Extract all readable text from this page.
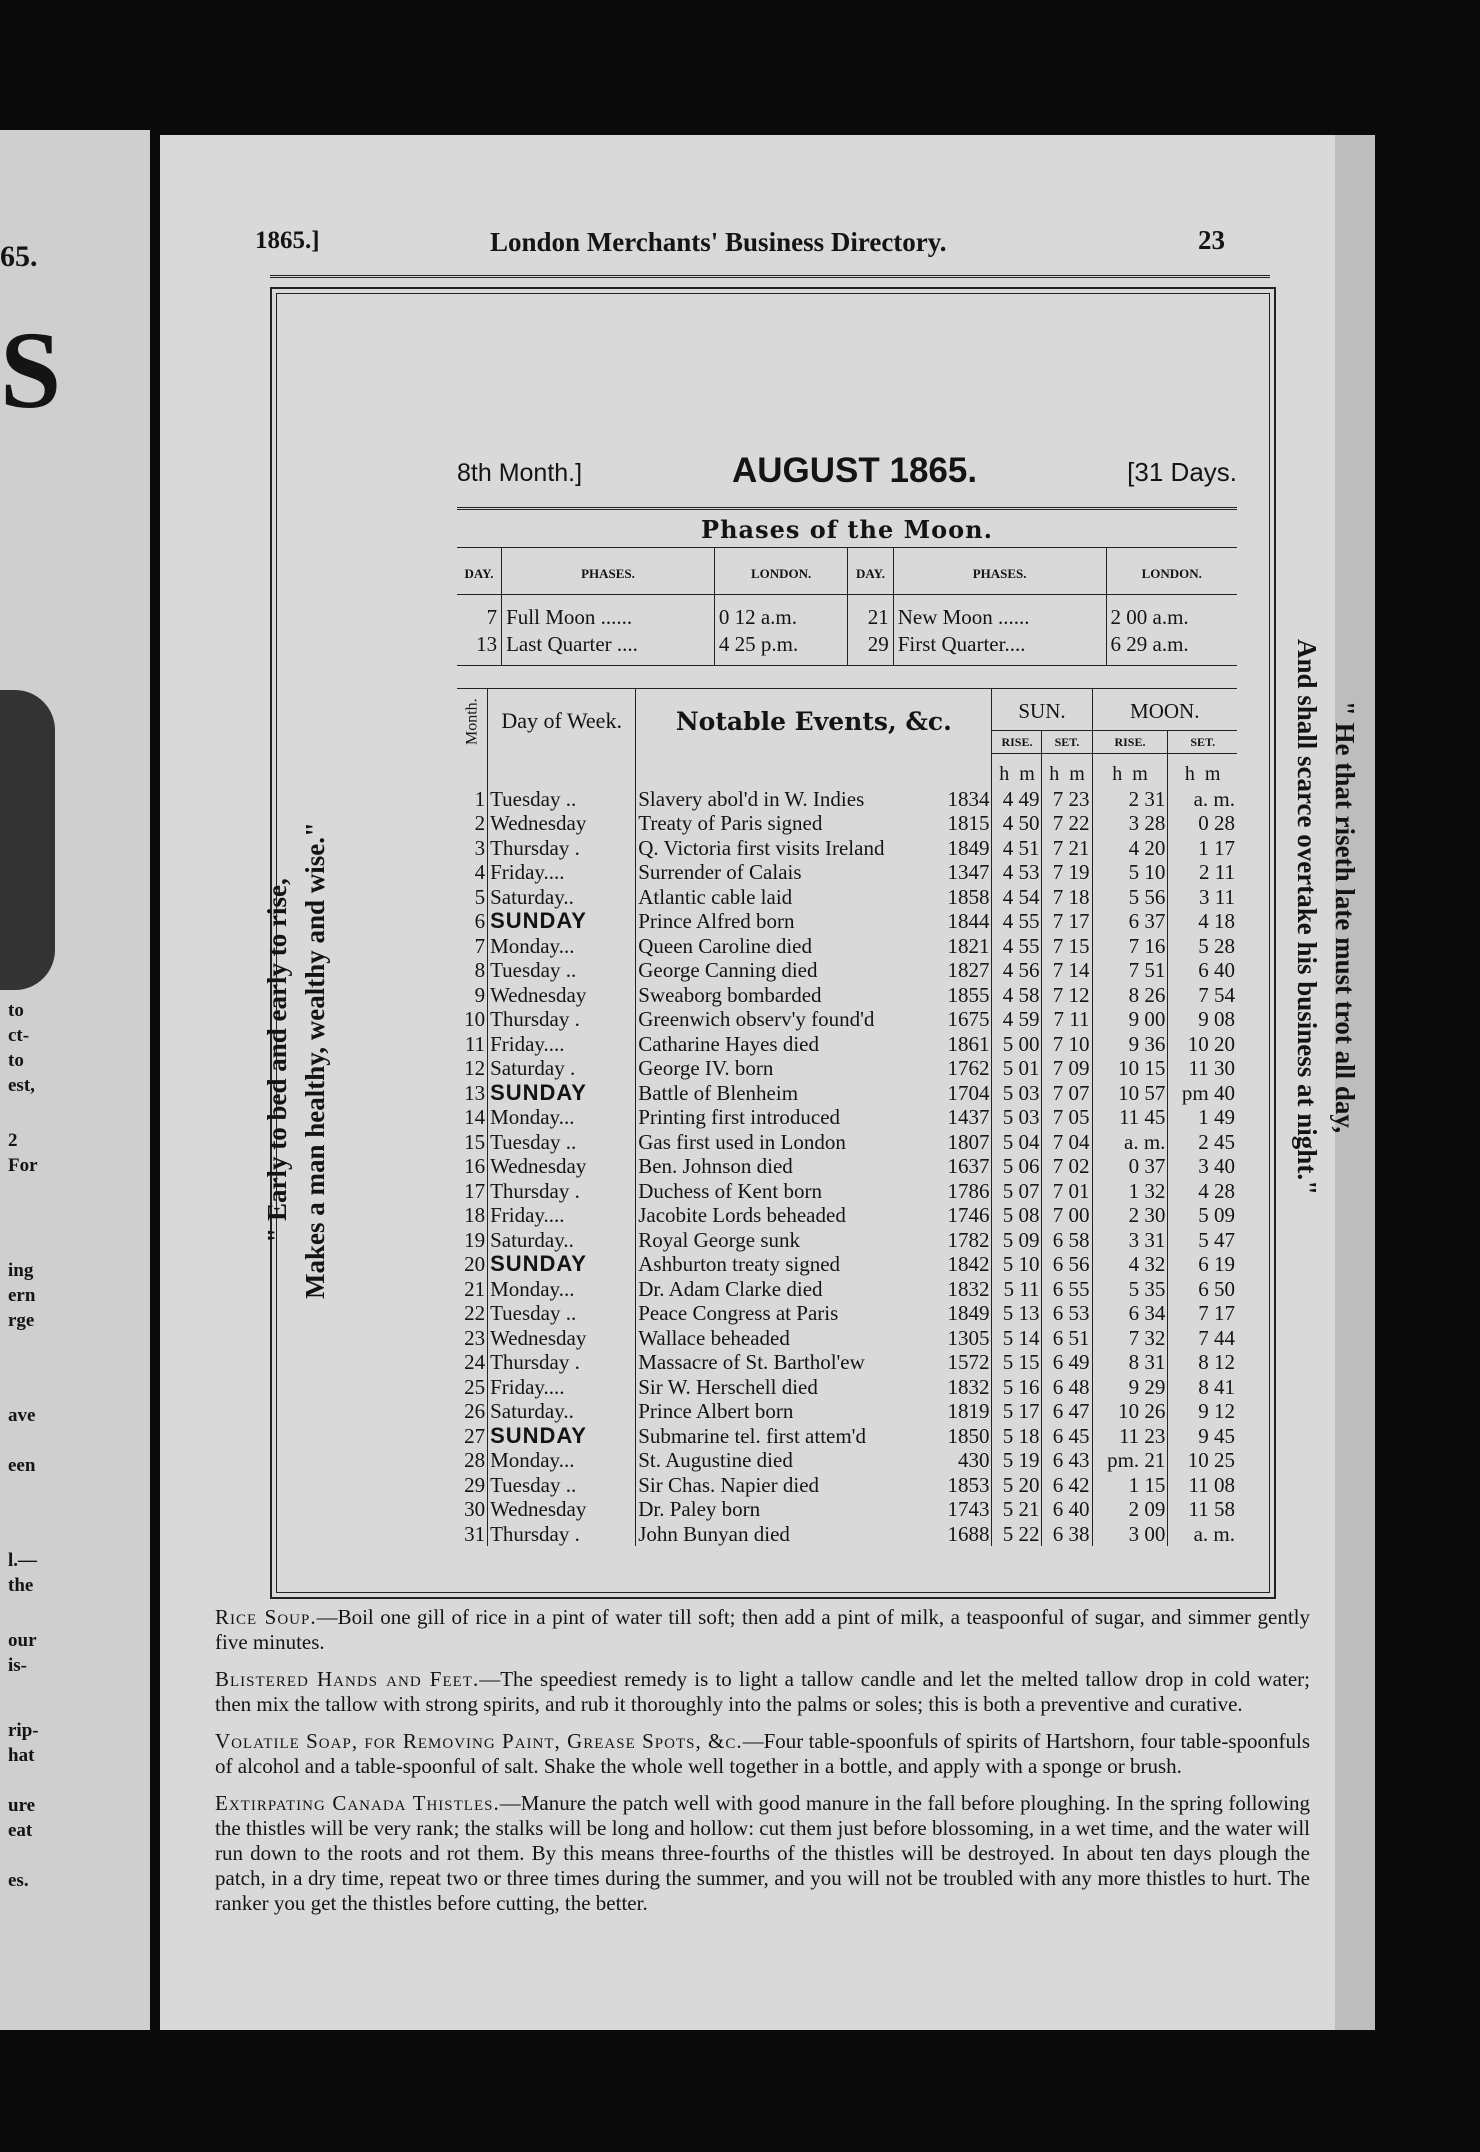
65.
S
to
ct-
to
est,
2
For
ing
ern
rge
ave
een
l.—
the
our
is-
rip-
hat
ure
eat
es.
1865.]	London Merchants' Business Directory.	23
" Early to bed and early to rise, Makes a man healthy, wealthy and wise."	" He that riseth late must trot all day,
And shall scarce overtake his business at night."
8th Month.]	AUGUST 1865.	[31 Days.
Phases of the Moon.
DAY.	PHASES.	LONDON.	DAY.	PHASES.	LONDON.
7	Full Moon ......	0 12 a.m.	21	New Moon ......	2 00 a.m.
13	Last Quarter ....	4 25 p.m.	29	First Quarter....	6 29 a.m.
Month.	Day of Week.	Notable Events, &c.		SUN.		MOON.	
				RISE.	SET.	RISE.	SET.
				h m	h m	h m	h m
1	Tuesday ..	Slavery abol'd in W. Indies	1834	4 49	7 23	2 31	a. m.
2	Wednesday	Treaty of Paris signed	1815	4 50	7 22	3 28	0 28
3	Thursday .	Q. Victoria first visits Ireland	1849	4 51	7 21	4 20	1 17
4	Friday....	Surrender of Calais	1347	4 53	7 19	5 10	2 11
5	Saturday..	Atlantic cable laid	1858	4 54	7 18	5 56	3 11
6	SUNDAY	Prince Alfred born	1844	4 55	7 17	6 37	4 18
7	Monday...	Queen Caroline died	1821	4 55	7 15	7 16	5 28
8	Tuesday ..	George Canning died	1827	4 56	7 14	7 51	6 40
9	Wednesday	Sweaborg bombarded	1855	4 58	7 12	8 26	7 54
10	Thursday .	Greenwich observ'y found'd	1675	4 59	7 11	9 00	9 08
11	Friday....	Catharine Hayes died	1861	5 00	7 10	9 36	10 20
12	Saturday .	George IV. born	1762	5 01	7 09	10 15	11 30
13	SUNDAY	Battle of Blenheim	1704	5 03	7 07	10 57	pm 40
14	Monday...	Printing first introduced	1437	5 03	7 05	11 45	1 49
15	Tuesday ..	Gas first used in London	1807	5 04	7 04	a. m.	2 45
16	Wednesday	Ben. Johnson died	1637	5 06	7 02	0 37	3 40
17	Thursday .	Duchess of Kent born	1786	5 07	7 01	1 32	4 28
18	Friday....	Jacobite Lords beheaded	1746	5 08	7 00	2 30	5 09
19	Saturday..	Royal George sunk	1782	5 09	6 58	3 31	5 47
20	SUNDAY	Ashburton treaty signed	1842	5 10	6 56	4 32	6 19
21	Monday...	Dr. Adam Clarke died	1832	5 11	6 55	5 35	6 50
22	Tuesday ..	Peace Congress at Paris	1849	5 13	6 53	6 34	7 17
23	Wednesday	Wallace beheaded	1305	5 14	6 51	7 32	7 44
24	Thursday .	Massacre of St. Barthol'ew	1572	5 15	6 49	8 31	8 12
25	Friday....	Sir W. Herschell died	1832	5 16	6 48	9 29	8 41
26	Saturday..	Prince Albert born	1819	5 17	6 47	10 26	9 12
27	SUNDAY	Submarine tel. first attem'd	1850	5 18	6 45	11 23	9 45
28	Monday...	St. Augustine died	430	5 19	6 43	pm. 21	10 25
29	Tuesday ..	Sir Chas. Napier died	1853	5 20	6 42	1 15	11 08
30	Wednesday	Dr. Paley born	1743	5 21	6 40	2 09	11 58
31	Thursday .	John Bunyan died	1688	5 22	6 38	3 00	a. m.

Rice Soup.—Boil one gill of rice in a pint of water till soft; then add a pint of milk, a teaspoonful of sugar, and simmer gently five minutes.

Blistered Hands and Feet.—The speediest remedy is to light a tallow candle and let the melted tallow drop in cold water; then mix the tallow with strong spirits, and rub it thoroughly into the palms or soles; this is both a preventive and curative.

Volatile Soap, for Removing Paint, Grease Spots, &c.—Four table-spoonfuls of spirits of Hartshorn, four table-spoonfuls of alcohol and a table-spoonful of salt. Shake the whole well together in a bottle, and apply with a sponge or brush.

Extirpating Canada Thistles.—Manure the patch well with good manure in the fall before ploughing. In the spring following the thistles will be very rank; the stalks will be long and hollow: cut them just before blossoming, in a wet time, and the water will run down to the roots and rot them. By this means three-fourths of the thistles will be destroyed. In about ten days plough the patch, in a dry time, repeat two or three times during the summer, and you will not be troubled with any more thistles to hurt. The ranker you get the thistles before cutting, the better.
